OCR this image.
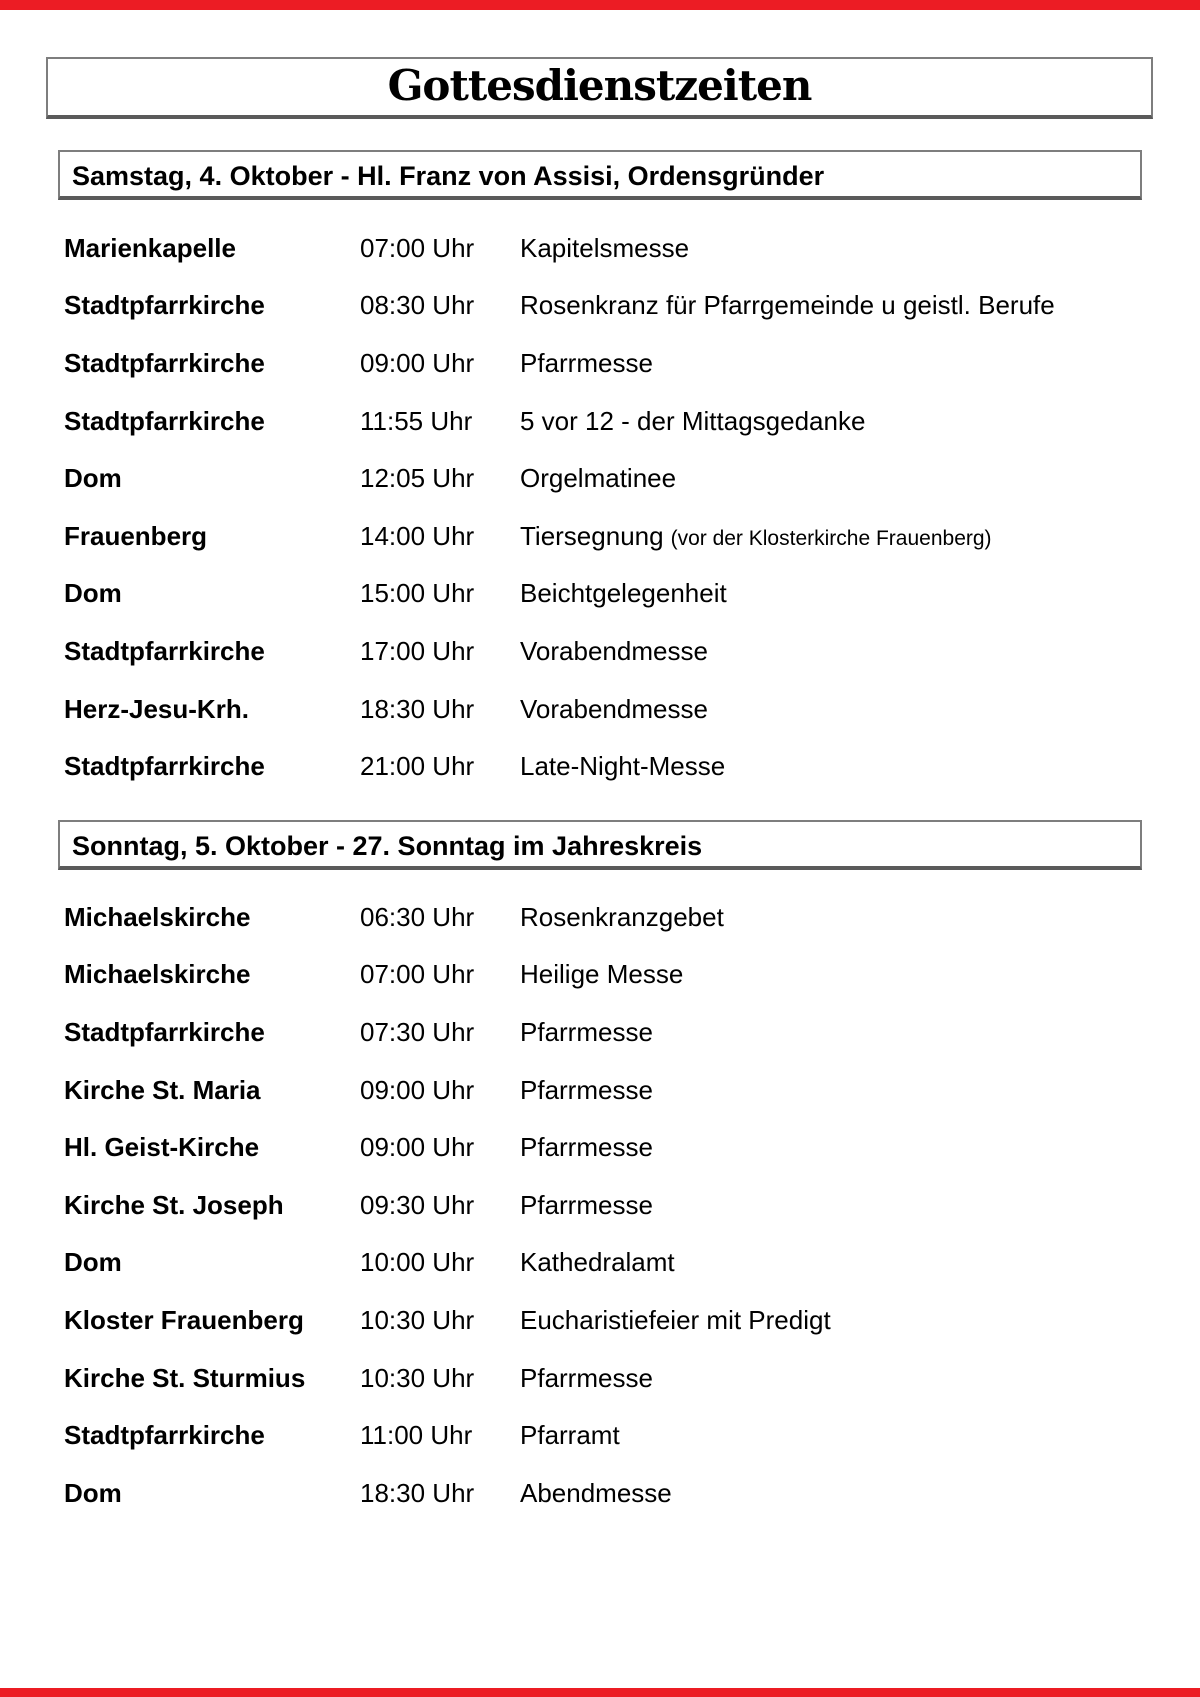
Gottesdienstzeiten
Samstag, 4. Oktober - Hl. Franz von Assisi, Ordensgründer
Marienkapelle	07:00 Uhr	Kapitelsmesse
Stadtpfarrkirche	08:30 Uhr	Rosenkranz für Pfarrgemeinde u geistl. Berufe
Stadtpfarrkirche	09:00 Uhr	Pfarrmesse
Stadtpfarrkirche	11:55 Uhr	5 vor 12 - der Mittagsgedanke
Dom	12:05 Uhr	Orgelmatinee
Frauenberg	14:00 Uhr	Tiersegnung (vor der Klosterkirche Frauenberg)
Dom	15:00 Uhr	Beichtgelegenheit
Stadtpfarrkirche	17:00 Uhr	Vorabendmesse
Herz-Jesu-Krh.	18:30 Uhr	Vorabendmesse
Stadtpfarrkirche	21:00 Uhr	Late-Night-Messe
Sonntag, 5. Oktober - 27. Sonntag im Jahreskreis
Michaelskirche	06:30 Uhr	Rosenkranzgebet
Michaelskirche	07:00 Uhr	Heilige Messe
Stadtpfarrkirche	07:30 Uhr	Pfarrmesse
Kirche St. Maria	09:00 Uhr	Pfarrmesse
Hl. Geist-Kirche	09:00 Uhr	Pfarrmesse
Kirche St. Joseph	09:30 Uhr	Pfarrmesse
Dom	10:00 Uhr	Kathedralamt
Kloster Frauenberg	10:30 Uhr	Eucharistiefeier mit Predigt
Kirche St. Sturmius	10:30 Uhr	Pfarrmesse
Stadtpfarrkirche	11:00 Uhr	Pfarramt
Dom	18:30 Uhr	Abendmesse
